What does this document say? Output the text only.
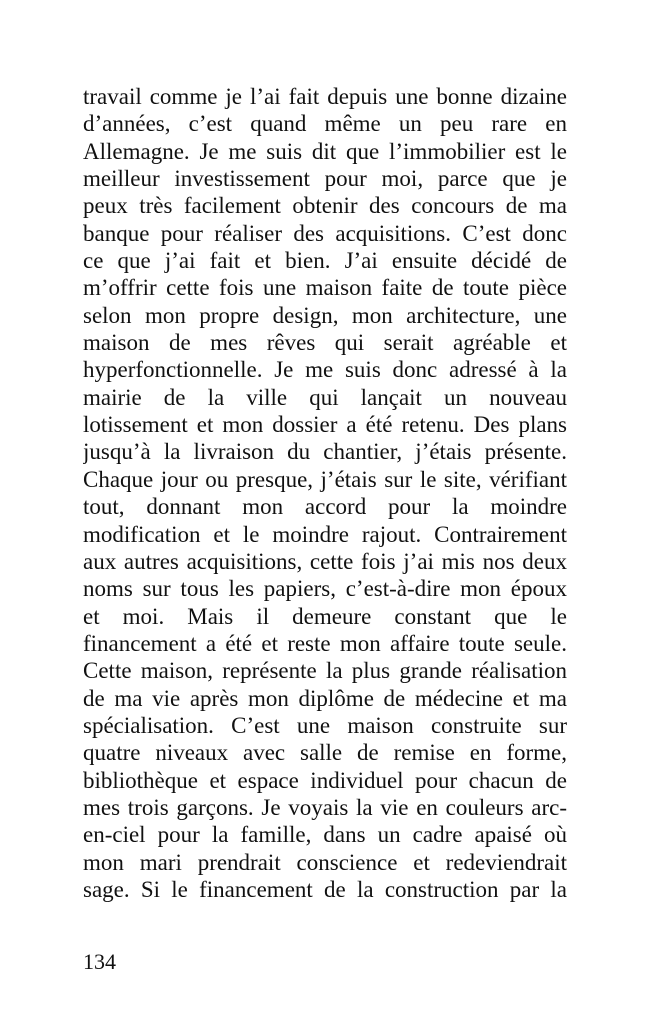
travail comme je l’ai fait depuis une bonne dizaine
d’années, c’est quand même un peu rare en
Allemagne. Je me suis dit que l’immobilier est le
meilleur investissement pour moi, parce que je
peux très facilement obtenir des concours de ma
banque pour réaliser des acquisitions. C’est donc
ce que j’ai fait et bien. J’ai ensuite décidé de
m’offrir cette fois une maison faite de toute pièce
selon mon propre design, mon architecture, une
maison de mes rêves qui serait agréable et
hyperfonctionnelle. Je me suis donc adressé à la
mairie de la ville qui lançait un nouveau
lotissement et mon dossier a été retenu. Des plans
jusqu’à la livraison du chantier, j’étais présente.
Chaque jour ou presque, j’étais sur le site, vérifiant
tout, donnant mon accord pour la moindre
modification et le moindre rajout. Contrairement
aux autres acquisitions, cette fois j’ai mis nos deux
noms sur tous les papiers, c’est-à-dire mon époux
et moi. Mais il demeure constant que le
financement a été et reste mon affaire toute seule.
Cette maison, représente la plus grande réalisation
de ma vie après mon diplôme de médecine et ma
spécialisation. C’est une maison construite sur
quatre niveaux avec salle de remise en forme,
bibliothèque et espace individuel pour chacun de
mes trois garçons. Je voyais la vie en couleurs arc-
en-ciel pour la famille, dans un cadre apaisé où
mon mari prendrait conscience et redeviendrait
sage. Si le financement de la construction par la

134
